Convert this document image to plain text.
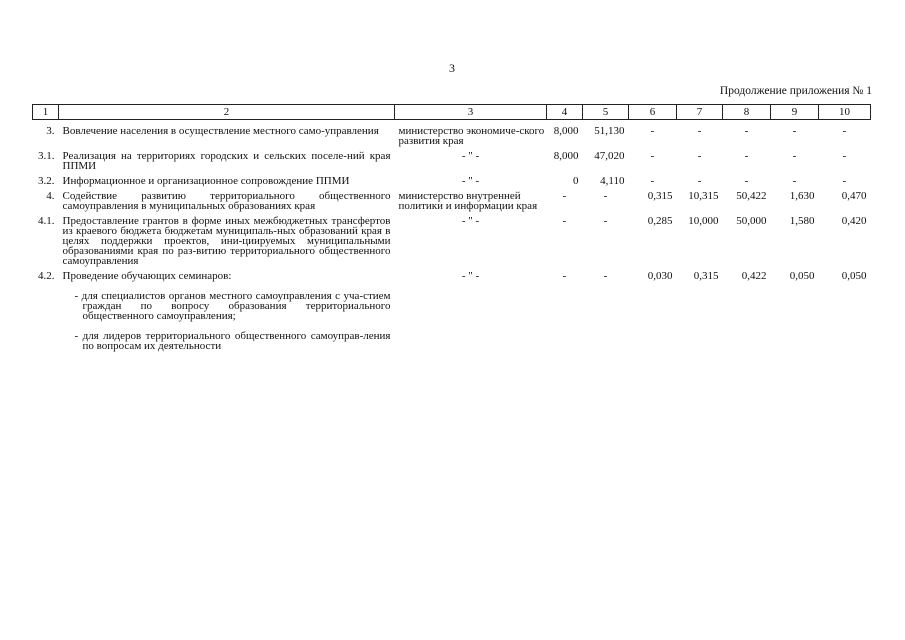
3
Продолжение приложения № 1
1	2	3	4	5	6	7	8	9	10
3.	Вовлечение населения в осуществление местного само-управления	министерство экономиче-ского развития края	8,000	51,130	-	-	-	-	-
3.1.	Реализация на территориях городских и сельских поселе-ний края ППМИ	- " -	8,000	47,020	-	-	-	-	-
3.2.	Информационное и организационное сопровождение ППМИ	- " -	0	4,110	-	-	-	-	-
4.	Содействие развитию территориального общественного самоуправления в муниципальных образованиях края	министерство внутренней политики и информации края	-	-	0,315	10,315	50,422	1,630	0,470
4.1.	Предоставление грантов в форме иных межбюджетных трансфертов из краевого бюджета бюджетам муниципаль-ных образований края в целях поддержки проектов, ини-циируемых муниципальными образованиями края по раз-витию территориального общественного самоуправления	- " -	-	-	0,285	10,000	50,000	1,580	0,420
4.2.	Проведение обучающих семинаров:	- " -	-	-	0,030	0,315	0,422	0,050	0,050
	- для специалистов органов местного самоуправления с уча-стием граждан по вопросу образования территориального общественного самоуправления;								
	- для лидеров территориального общественного самоуправ-ления по вопросам их деятельности								
